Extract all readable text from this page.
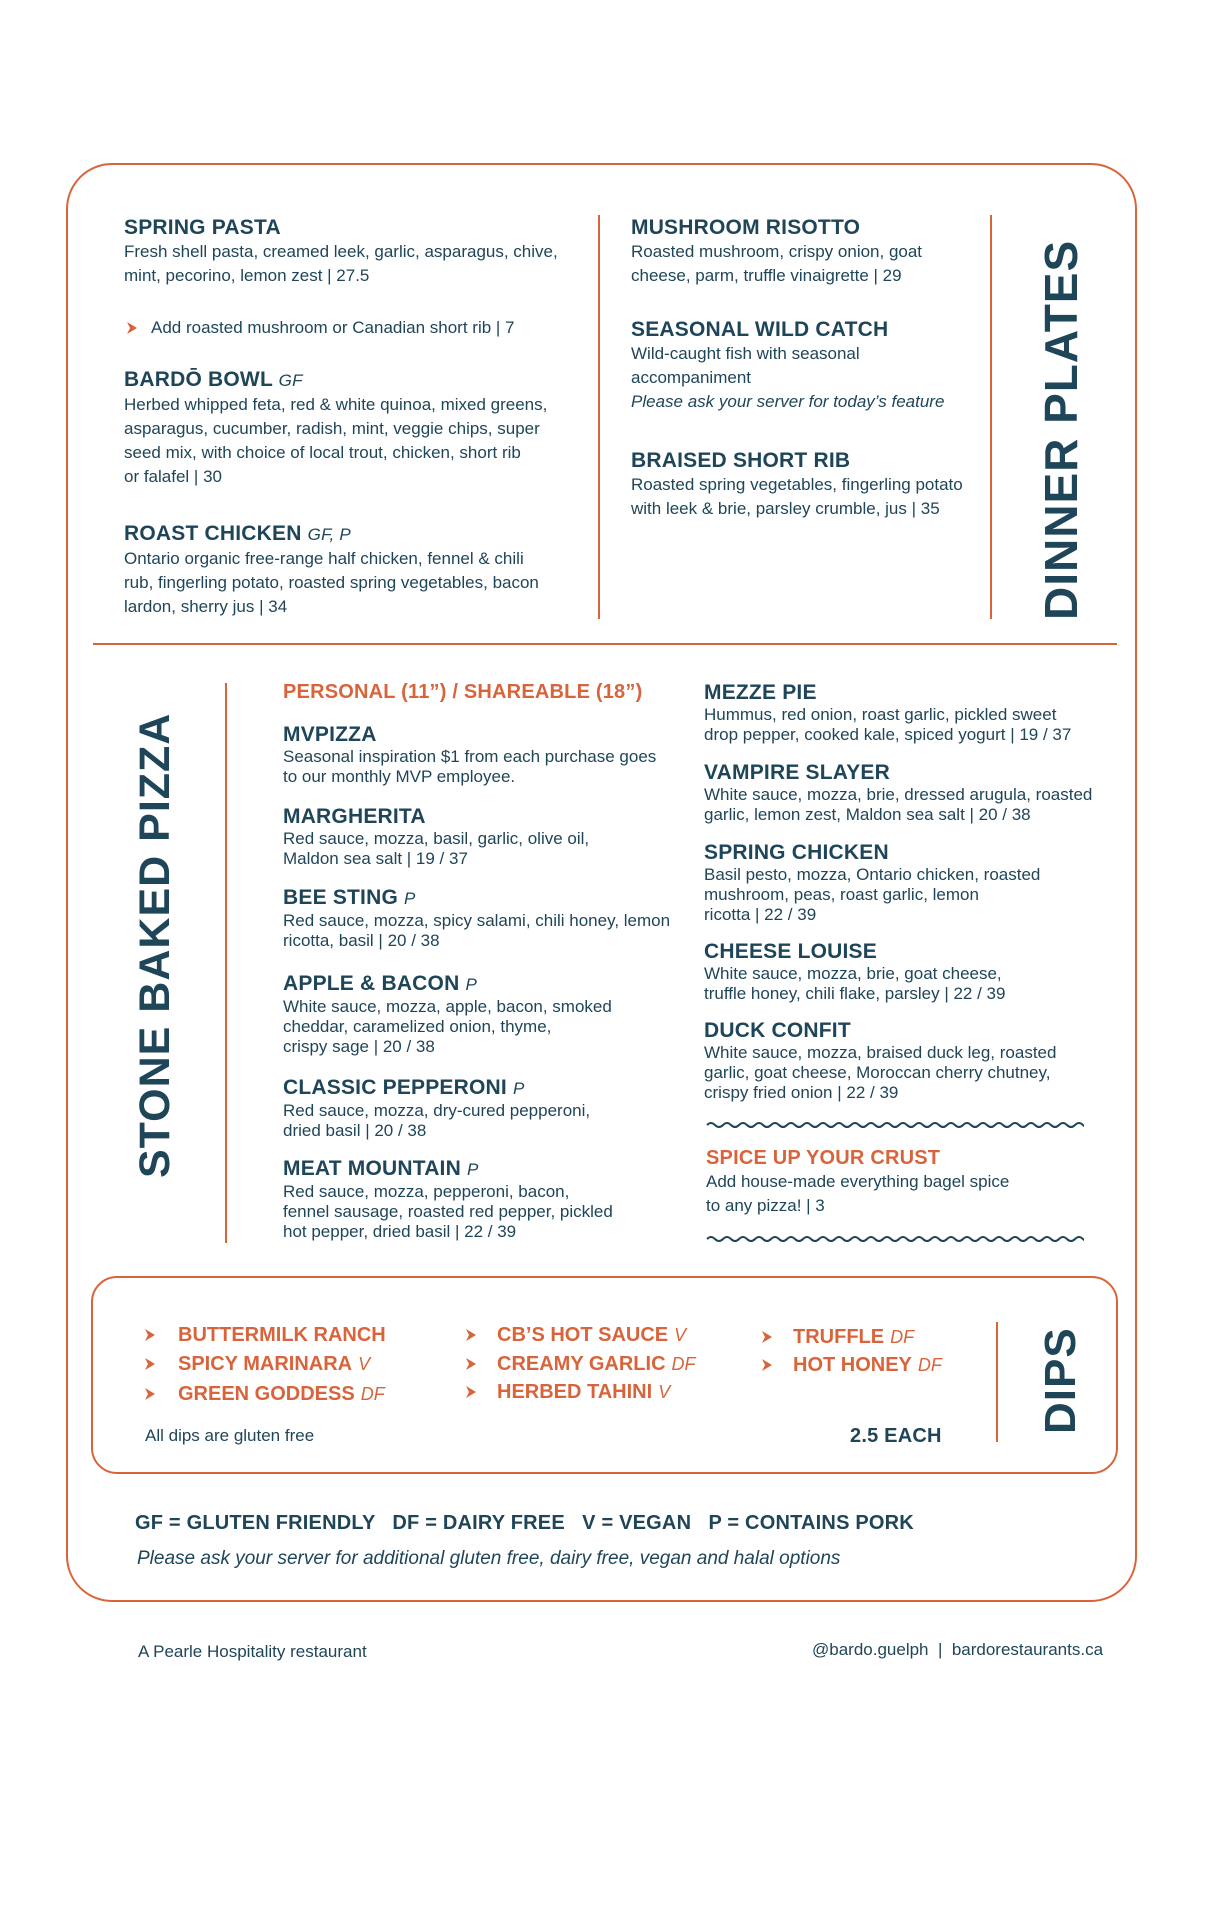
SPRING PASTA
Fresh shell pasta, creamed leek, garlic, asparagus, chive,
mint, pecorino, lemon zest | 27.5
Add roasted mushroom or Canadian short rib | 7
BARDŌ BOWL GF
Herbed whipped feta, red & white quinoa, mixed greens,
asparagus, cucumber, radish, mint, veggie chips, super
seed mix, with choice of local trout, chicken, short rib
or falafel | 30
ROAST CHICKEN GF, P
Ontario organic free-range half chicken, fennel & chili
rub, fingerling potato, roasted spring vegetables, bacon
lardon, sherry jus | 34
MUSHROOM RISOTTO
Roasted mushroom, crispy onion, goat
cheese, parm, truffle vinaigrette | 29
SEASONAL WILD CATCH
Wild-caught fish with seasonal
accompaniment
Please ask your server for today’s feature
BRAISED SHORT RIB
Roasted spring vegetables, fingerling potato
with leek & brie, parsley crumble, jus | 35	DINNER PLATES
STONE BAKED PIZZA
PERSONAL (11”) / SHAREABLE (18”)
MVPIZZA
Seasonal inspiration $1 from each purchase goes
to our monthly MVP employee.
MARGHERITA
Red sauce, mozza, basil, garlic, olive oil,
Maldon sea salt | 19 / 37
BEE STING P
Red sauce, mozza, spicy salami, chili honey, lemon
ricotta, basil | 20 / 38
APPLE & BACON P
White sauce, mozza, apple, bacon, smoked
cheddar, caramelized onion, thyme,
crispy sage | 20 / 38
CLASSIC PEPPERONI P
Red sauce, mozza, dry-cured pepperoni,
dried basil | 20 / 38
MEAT MOUNTAIN P
Red sauce, mozza, pepperoni, bacon,
fennel sausage, roasted red pepper, pickled
hot pepper, dried basil | 22 / 39
MEZZE PIE
Hummus, red onion, roast garlic, pickled sweet
drop pepper, cooked kale, spiced yogurt | 19 / 37
VAMPIRE SLAYER
White sauce, mozza, brie, dressed arugula, roasted
garlic, lemon zest, Maldon sea salt | 20 / 38
SPRING CHICKEN
Basil pesto, mozza, Ontario chicken, roasted
mushroom, peas, roast garlic, lemon
ricotta | 22 / 39
CHEESE LOUISE
White sauce, mozza, brie, goat cheese,
truffle honey, chili flake, parsley | 22 / 39
DUCK CONFIT
White sauce, mozza, braised duck leg, roasted
garlic, goat cheese, Moroccan cherry chutney,
crispy fried onion | 22 / 39
SPICE UP YOUR CRUST
Add house-made everything bagel spice
to any pizza! | 3
BUTTERMILK RANCH
SPICY MARINARA V
GREEN GODDESS DF
CB’S HOT SAUCE V
CREAMY GARLIC DF
HERBED TAHINI V
TRUFFLE DF
HOT HONEY DF
All dips are gluten free	2.5 EACH
DIPS
GF = GLUTEN FRIENDLY   DF = DAIRY FREE   V = VEGAN   P = CONTAINS PORK
Please ask your server for additional gluten free, dairy free, vegan and halal options
A Pearle Hospitality restaurant	@bardo.guelph  |  bardorestaurants.ca
